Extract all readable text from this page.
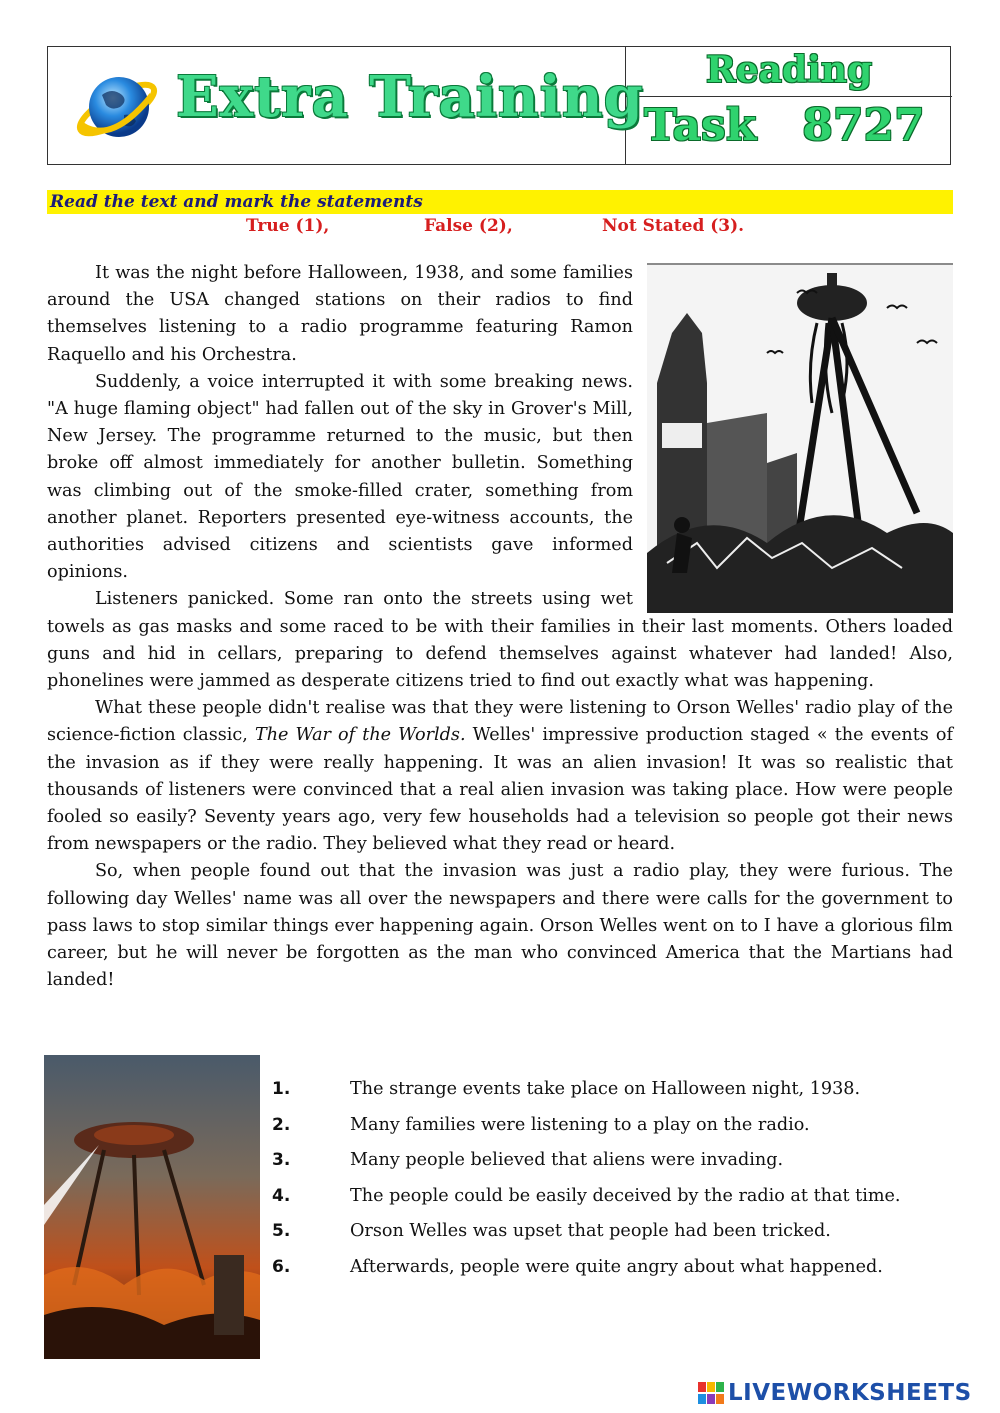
Extra Training	Reading
Task   8727
Read the text and mark the statements
True (1),	False (2),	Not Stated (3).

It was the night before Halloween, 1938, and some families around the USA changed stations on their radios to find themselves listening to a radio programme featuring Ramon Raquello and his Orchestra.

Suddenly, a voice interrupted it with some breaking news. "A huge flaming object" had fallen out of the sky in Grover's Mill, New Jersey. The programme returned to the music, but then broke off almost immediately for another bulletin. Something was climbing out of the smoke-filled crater, something from another planet. Reporters presented eye-witness accounts, the authorities advised citizens and scientists gave informed opinions.

Listeners panicked. Some ran onto the streets using wet towels as gas masks and some raced to be with their families in their last moments. Others loaded guns and hid in cellars, preparing to defend themselves against whatever had landed! Also, phonelines were jammed as desperate citizens tried to find out exactly what was happening.

What these people didn't realise was that they were listening to Orson Welles' radio play of the science-fiction classic, The War of the Worlds. Welles' impressive production staged « the events of the invasion as if they were really happening. It was an alien invasion! It was so realistic that thousands of listeners were convinced that a real alien invasion was taking place. How were people fooled so easily? Seventy years ago, very few households had a television so people got their news from newspapers or the radio. They believed what they read or heard.

So, when people found out that the invasion was just a radio play, they were furious. The following day Welles' name was all over the newspapers and there were calls for the government to pass laws to stop similar things ever happening again. Orson Welles went on to I have a glorious film career, but he will never be forgotten as the man who convinced America that the Martians had landed!

1.	The strange events take place on Halloween night, 1938.
2.	Many families were listening to a play on the radio.
3.	Many people believed that aliens were invading.
4.	The people could be easily deceived by the radio at that time.
5.	Orson Welles was upset that people had been tricked.
6.	Afterwards, people were quite angry about what happened.
LIVEWORKSHEETS
